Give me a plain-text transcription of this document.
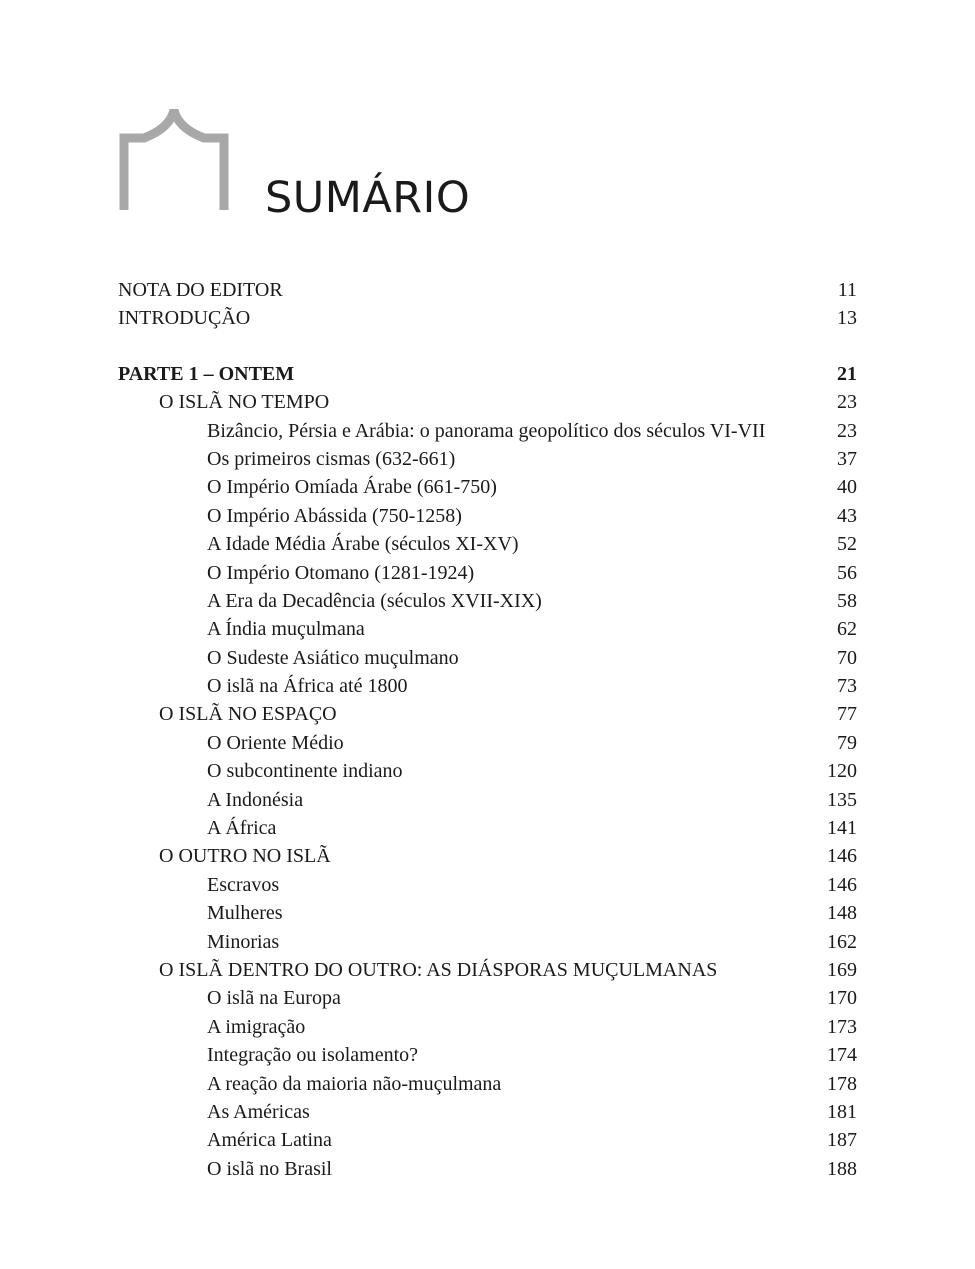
SUMÁRIO
NOTA DO EDITOR	11
INTRODUÇÃO	13
PARTE 1 – ONTEM	21
O ISLÃ NO TEMPO	23
Bizâncio, Pérsia e Arábia: o panorama geopolítico dos séculos VI-VII	23
Os primeiros cismas (632-661)	37
O Império Omíada Árabe (661-750)	40
O Império Abássida (750-1258)	43
A Idade Média Árabe (séculos XI-XV)	52
O Império Otomano (1281-1924)	56
A Era da Decadência (séculos XVII-XIX)	58
A Índia muçulmana	62
O Sudeste Asiático muçulmano	70
O islã na África até 1800	73
O ISLÃ NO ESPAÇO	77
O Oriente Médio	79
O subcontinente indiano	120
A Indonésia	135
A África	141
O OUTRO NO ISLÃ	146
Escravos	146
Mulheres	148
Minorias	162
O ISLÃ DENTRO DO OUTRO: AS DIÁSPORAS MUÇULMANAS	169
O islã na Europa	170
A imigração	173
Integração ou isolamento?	174
A reação da maioria não-muçulmana	178
As Américas	181
América Latina	187
O islã no Brasil	188
